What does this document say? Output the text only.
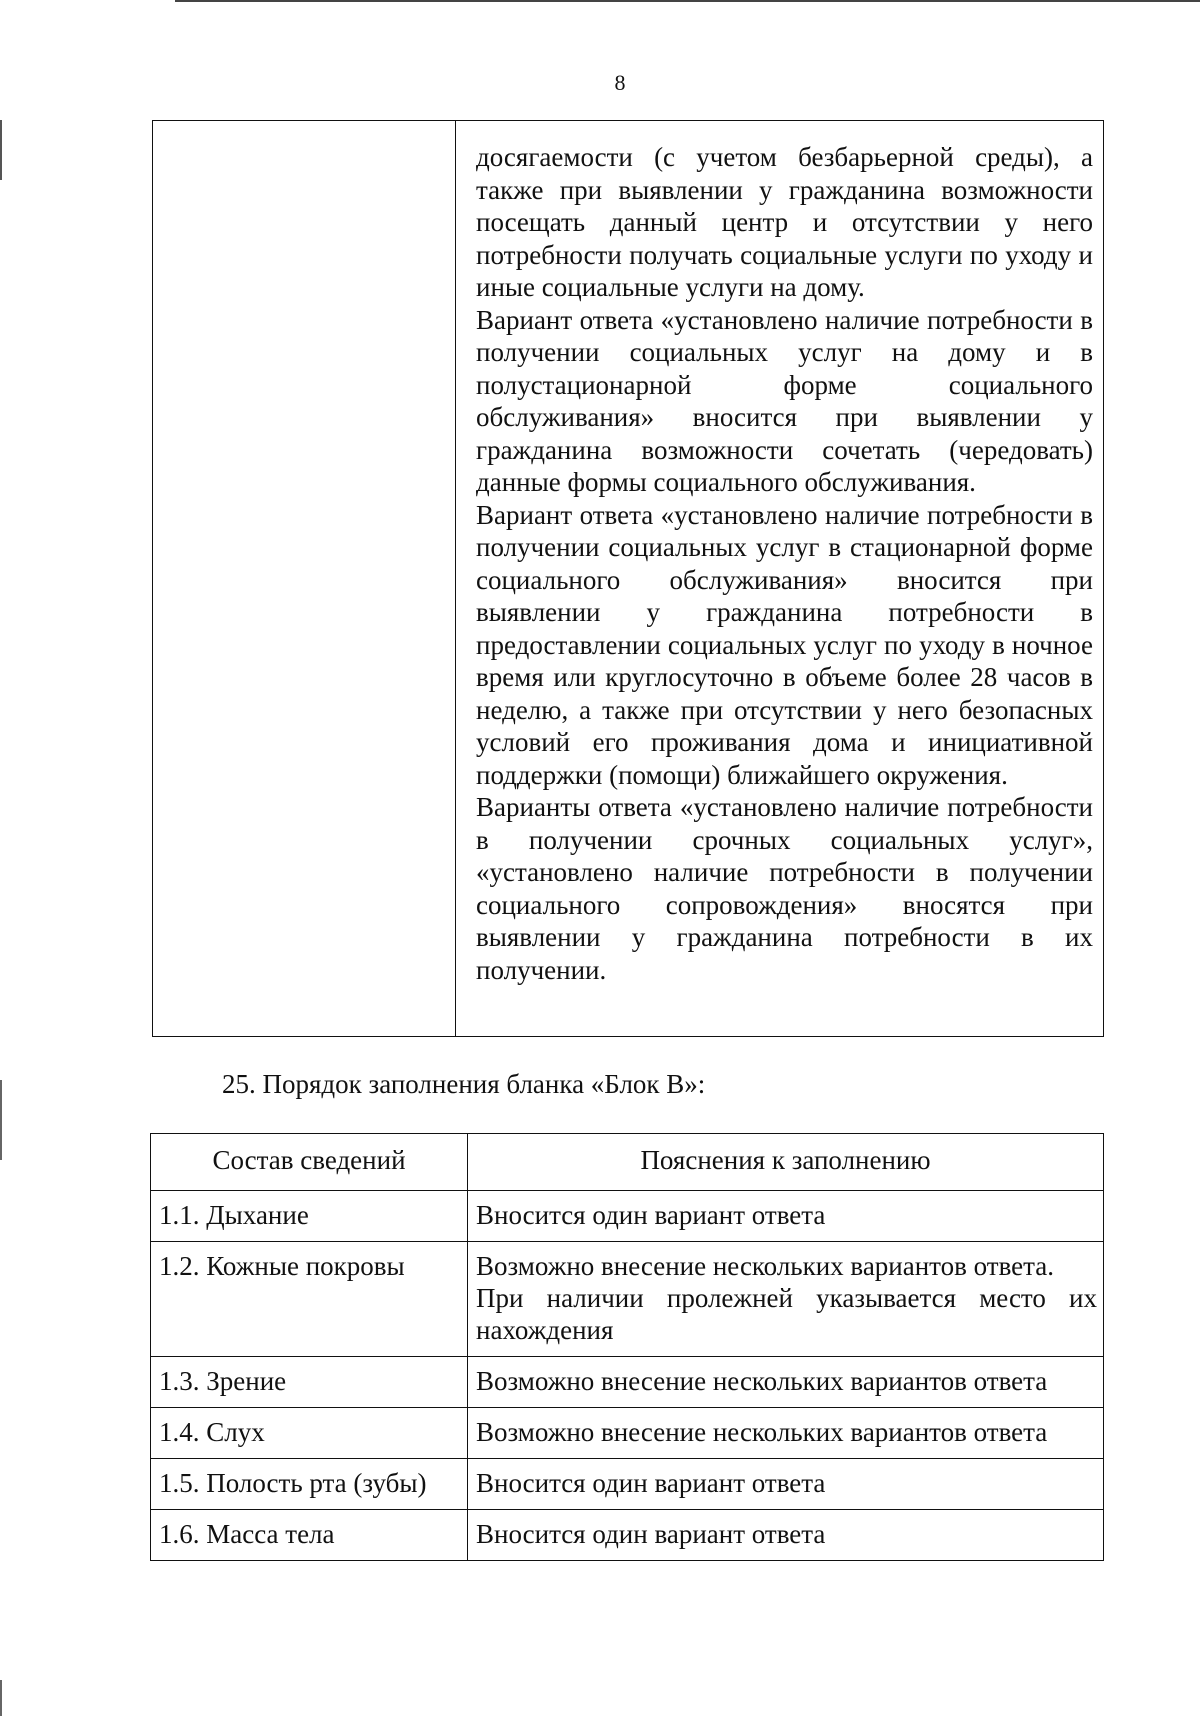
8

досягаемости (с учетом безбарьерной среды), а также при выявлении у гражданина возможности посещать данный центр и отсутствии у него потребности получать социальные услуги по уходу и иные социальные услуги на дому.

Вариант ответа «установлено наличие потребности в получении социальных услуг на дому и в полустационарной форме социального обслуживания» вносится при выявлении у гражданина возможности сочетать (чередовать) данные формы социального обслуживания.

Вариант ответа «установлено наличие потребности в получении социальных услуг в стационарной форме социального обслуживания» вносится при выявлении у гражданина потребности в предоставлении социальных услуг по уходу в ночное время или круглосуточно в объеме более 28 часов в неделю, а также при отсутствии у него безопасных условий его проживания дома и инициативной поддержки (помощи) ближайшего окружения.

Варианты ответа «установлено наличие потребности в получении срочных социальных услуг», «установлено наличие потребности в получении социального сопровождения» вносятся при выявлении у гражданина потребности в их получении.

25. Порядок заполнения бланка «Блок В»:

Состав сведений	Пояснения к заполнению
1.1. Дыхание	Вносится один вариант ответа
1.2. Кожные покровы	Возможно внесение нескольких вариантов ответа.
При наличии пролежней указывается место их нахождения

1.3. Зрение	Возможно внесение нескольких вариантов ответа
1.4. Слух	Возможно внесение нескольких вариантов ответа
1.5. Полость рта (зубы)	Вносится один вариант ответа
1.6. Масса тела	Вносится один вариант ответа
